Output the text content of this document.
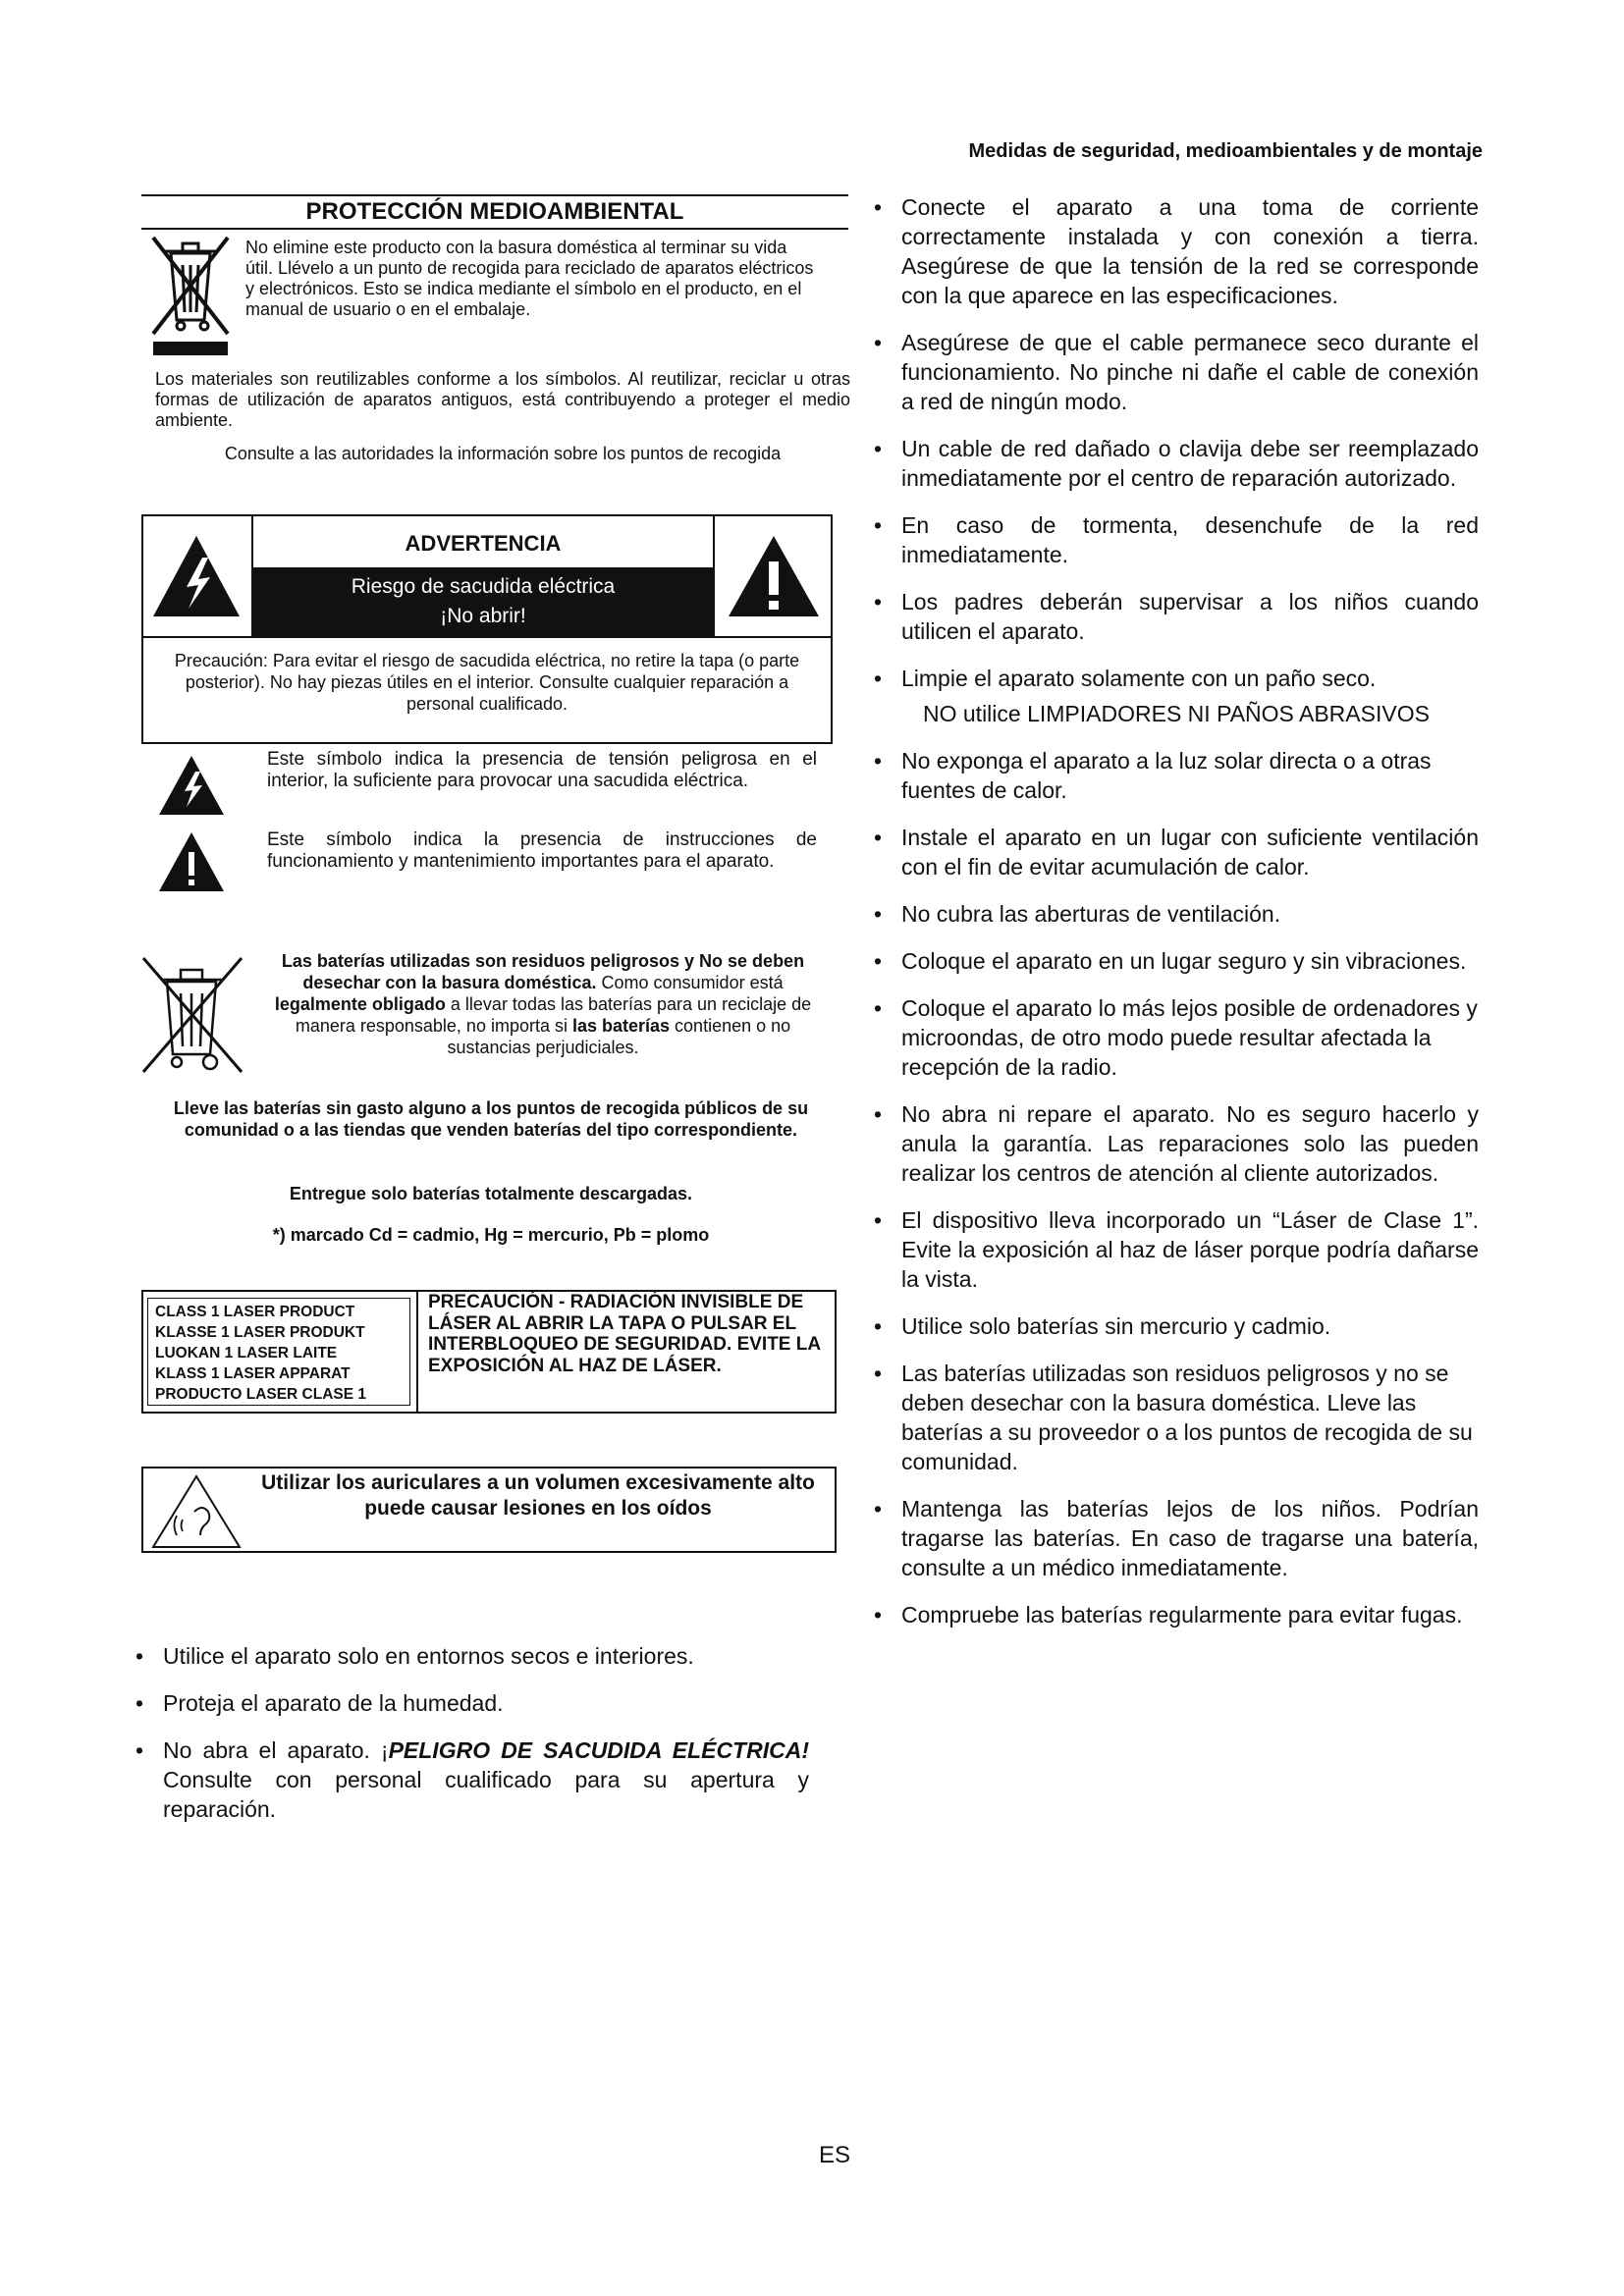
Medidas de seguridad, medioambientales y de montaje
PROTECCIÓN MEDIOAMBIENTAL
No elimine este producto con la basura doméstica al terminar su vida útil. Llévelo a un punto de recogida para reciclado de aparatos eléctricos y electrónicos. Esto se indica mediante el símbolo en el producto, en el manual de usuario o en el embalaje.
Los materiales son reutilizables conforme a los símbolos. Al reutilizar, reciclar u otras formas de utilización de aparatos antiguos, está contribuyendo a proteger el medio ambiente.
Consulte a las autoridades la información sobre los puntos de recogida
ADVERTENCIA
Riesgo de sacudida eléctrica
¡No abrir!
Precaución: Para evitar el riesgo de sacudida eléctrica, no retire la tapa (o parte posterior). No hay piezas útiles en el interior. Consulte cualquier reparación a personal cualificado.
Este símbolo indica la presencia de tensión peligrosa en el interior, la suficiente para provocar una sacudida eléctrica.
Este símbolo indica la presencia de instrucciones de funcionamiento y mantenimiento importantes para el aparato.
Las baterías utilizadas son residuos peligrosos y No se deben desechar con la basura doméstica. Como consumidor está legalmente obligado a llevar todas las baterías para un reciclaje de manera responsable, no importa si las baterías contienen o no sustancias perjudiciales.
Lleve las baterías sin gasto alguno a los puntos de recogida públicos de su comunidad o a las tiendas que venden baterías del tipo correspondiente.
Entregue solo baterías totalmente descargadas.
*) marcado Cd = cadmio, Hg = mercurio, Pb = plomo
CLASS 1 LASER PRODUCT
KLASSE 1 LASER PRODUKT
LUOKAN 1 LASER LAITE
KLASS 1 LASER APPARAT
PRODUCTO LASER CLASE 1
PRECAUCIÓN - RADIACIÓN INVISIBLE DE LÁSER AL ABRIR LA TAPA O PULSAR EL INTERBLOQUEO DE SEGURIDAD. EVITE LA EXPOSICIÓN AL HAZ DE LÁSER.
Utilizar los auriculares a un volumen excesivamente alto puede causar lesiones en los oídos
• Utilice el aparato solo en entornos secos e interiores.
• Proteja el aparato de la humedad.
• No abra el aparato. ¡PELIGRO DE SACUDIDA ELÉCTRICA! Consulte con personal cualificado para su apertura y reparación.
• Conecte el aparato a una toma de corriente correctamente instalada y con conexión a tierra. Asegúrese de que la tensión de la red se corresponde con la que aparece en las especificaciones.
• Asegúrese de que el cable permanece seco durante el funcionamiento. No pinche ni dañe el cable de conexión a red de ningún modo.
• Un cable de red dañado o clavija debe ser reemplazado inmediatamente por el centro de reparación autorizado.
• En caso de tormenta, desenchufe de la red inmediatamente.
• Los padres deberán supervisar a los niños cuando utilicen el aparato.
• Limpie el aparato solamente con un paño seco.
NO utilice LIMPIADORES NI PAÑOS ABRASIVOS
• No exponga el aparato a la luz solar directa o a otras fuentes de calor.
• Instale el aparato en un lugar con suficiente ventilación con el fin de evitar acumulación de calor.
• No cubra las aberturas de ventilación.
• Coloque el aparato en un lugar seguro y sin vibraciones.
• Coloque el aparato lo más lejos posible de ordenadores y microondas, de otro modo puede resultar afectada la recepción de la radio.
• No abra ni repare el aparato. No es seguro hacerlo y anula la garantía. Las reparaciones solo las pueden realizar los centros de atención al cliente autorizados.
• El dispositivo lleva incorporado un “Láser de Clase 1”. Evite la exposición al haz de láser porque podría dañarse la vista.
• Utilice solo baterías sin mercurio y cadmio.
• Las baterías utilizadas son residuos peligrosos y no se deben desechar con la basura doméstica. Lleve las baterías a su proveedor o a los puntos de recogida de su comunidad.
• Mantenga las baterías lejos de los niños. Podrían tragarse las baterías. En caso de tragarse una batería, consulte a un médico inmediatamente.
• Compruebe las baterías regularmente para evitar fugas.
ES
